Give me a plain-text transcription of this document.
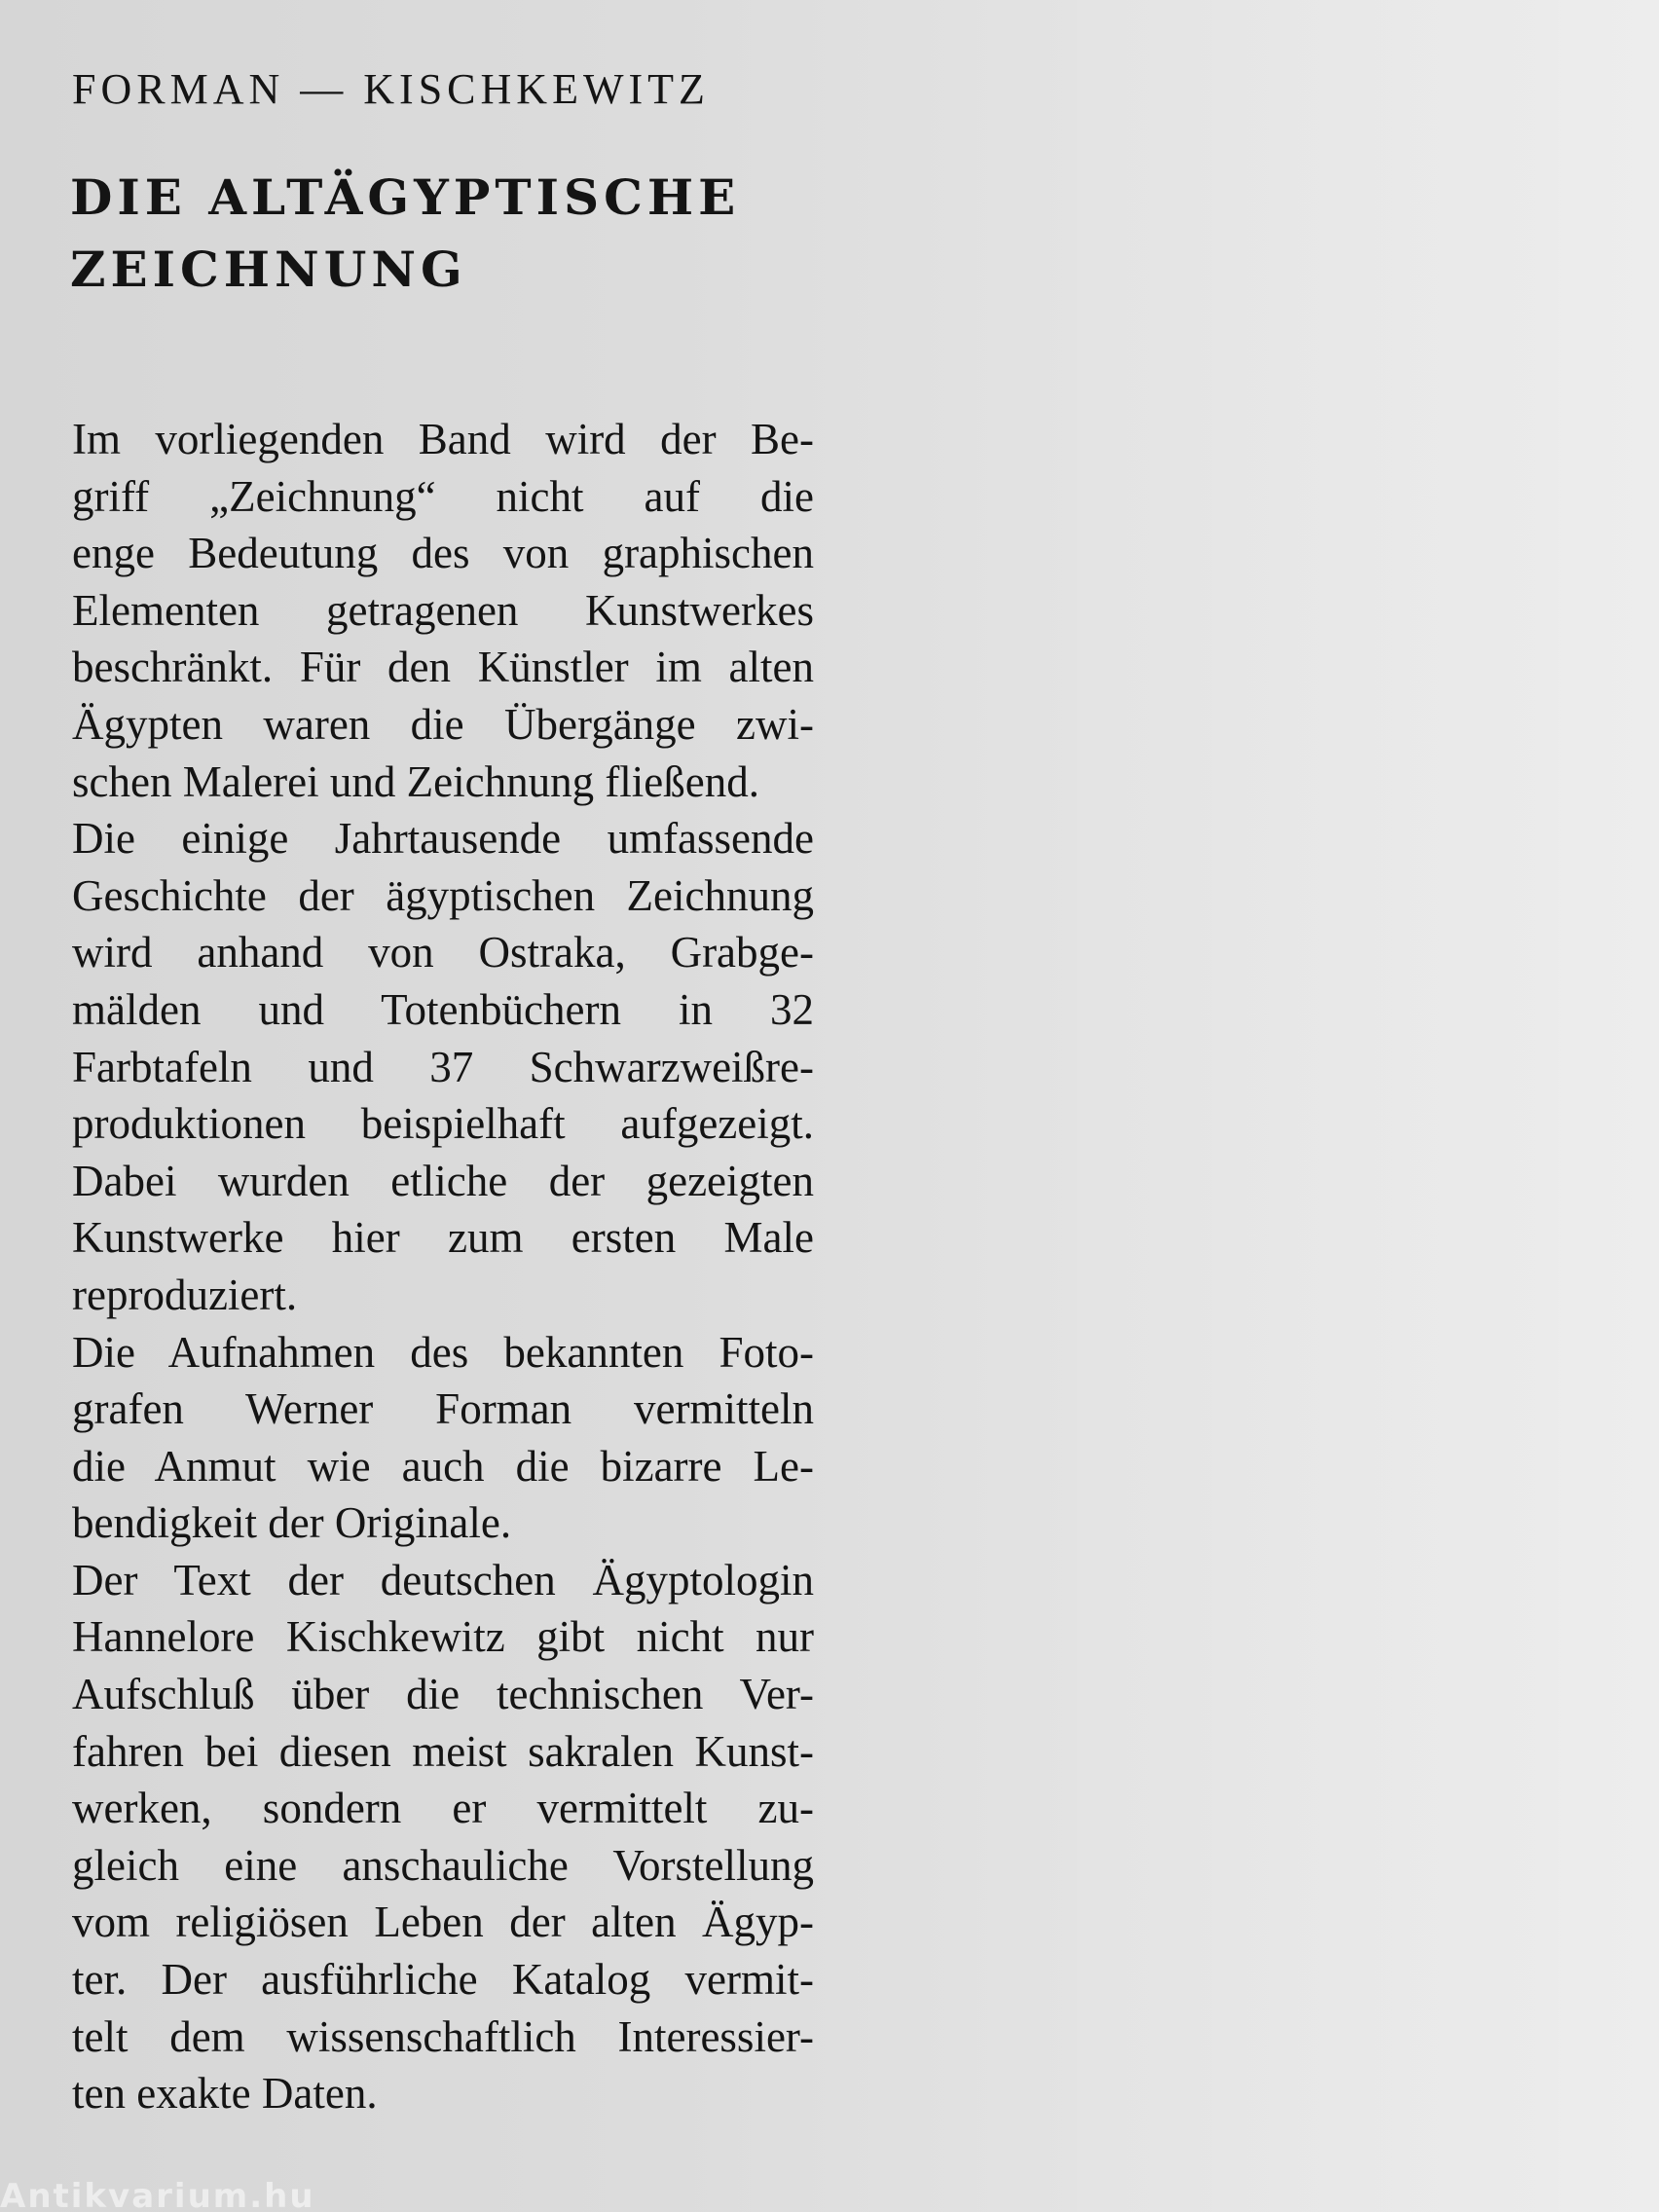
FORMAN — KISCHKEWITZ
DIE ALTÄGYPTISCHE
ZEICHNUNG
Im vorliegenden Band wird der Be-
griff „Zeichnung“ nicht auf die
enge Bedeutung des von graphischen
Elementen getragenen Kunstwerkes
beschränkt. Für den Künstler im alten
Ägypten waren die Übergänge zwi-
schen Malerei und Zeichnung fließend.
Die einige Jahrtausende umfassende
Geschichte der ägyptischen Zeichnung
wird anhand von Ostraka, Grabge-
mälden und Totenbüchern in 32
Farbtafeln und 37 Schwarzweißre-
produktionen beispielhaft aufgezeigt.
Dabei wurden etliche der gezeigten
Kunstwerke hier zum ersten Male
reproduziert.
Die Aufnahmen des bekannten Foto-
grafen Werner Forman vermitteln
die Anmut wie auch die bizarre Le-
bendigkeit der Originale.
Der Text der deutschen Ägyptologin
Hannelore Kischkewitz gibt nicht nur
Aufschluß über die technischen Ver-
fahren bei diesen meist sakralen Kunst-
werken, sondern er vermittelt zu-
gleich eine anschauliche Vorstellung
vom religiösen Leben der alten Ägyp-
ter. Der ausführliche Katalog vermit-
telt dem wissenschaftlich Interessier-
ten exakte Daten.
Antikvarium.hu
